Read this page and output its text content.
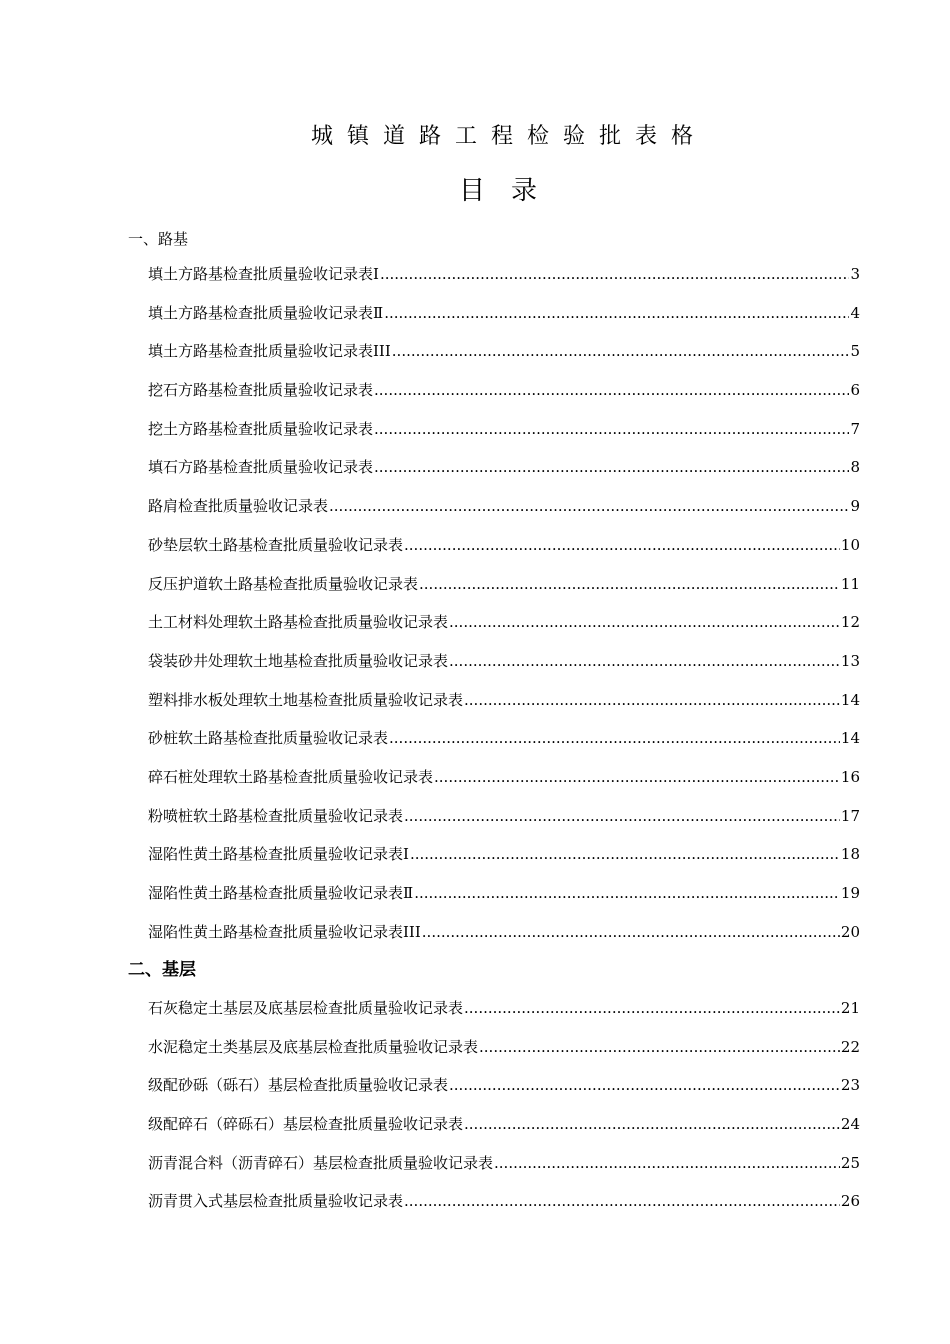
城镇道路工程检验批表格
目录
一、路基
填土方路基检查批质量验收记录表Ⅰ .....	3
填土方路基检查批质量验收记录表Ⅱ .....	4
填土方路基检查批质量验收记录表III .....	5
挖石方路基检查批质量验收记录表 .....	6
挖土方路基检查批质量验收记录表 .....	7
填石方路基检查批质量验收记录表 .....	8
路肩检查批质量验收记录表 .....	9
砂垫层软土路基检查批质量验收记录表 .....	10
反压护道软土路基检查批质量验收记录表 .....	11
土工材料处理软土路基检查批质量验收记录表 .....	12
袋装砂井处理软土地基检查批质量验收记录表 .....	13
塑料排水板处理软土地基检查批质量验收记录表 .....	14
砂桩软土路基检查批质量验收记录表 .....	14
碎石桩处理软土路基检查批质量验收记录表 .....	16
粉喷桩软土路基检查批质量验收记录表 .....	17
湿陷性黄土路基检查批质量验收记录表Ⅰ .....	18
湿陷性黄土路基检查批质量验收记录表Ⅱ .....	19
湿陷性黄土路基检查批质量验收记录表III .....	20
二、基层
石灰稳定土基层及底基层检查批质量验收记录表 .....	21
水泥稳定土类基层及底基层检查批质量验收记录表 .....	22
级配砂砾（砾石）基层检查批质量验收记录表 .....	23
级配碎石（碎砾石）基层检查批质量验收记录表 .....	24
沥青混合料（沥青碎石）基层检查批质量验收记录表 .....	25
沥青贯入式基层检查批质量验收记录表 .....	26
